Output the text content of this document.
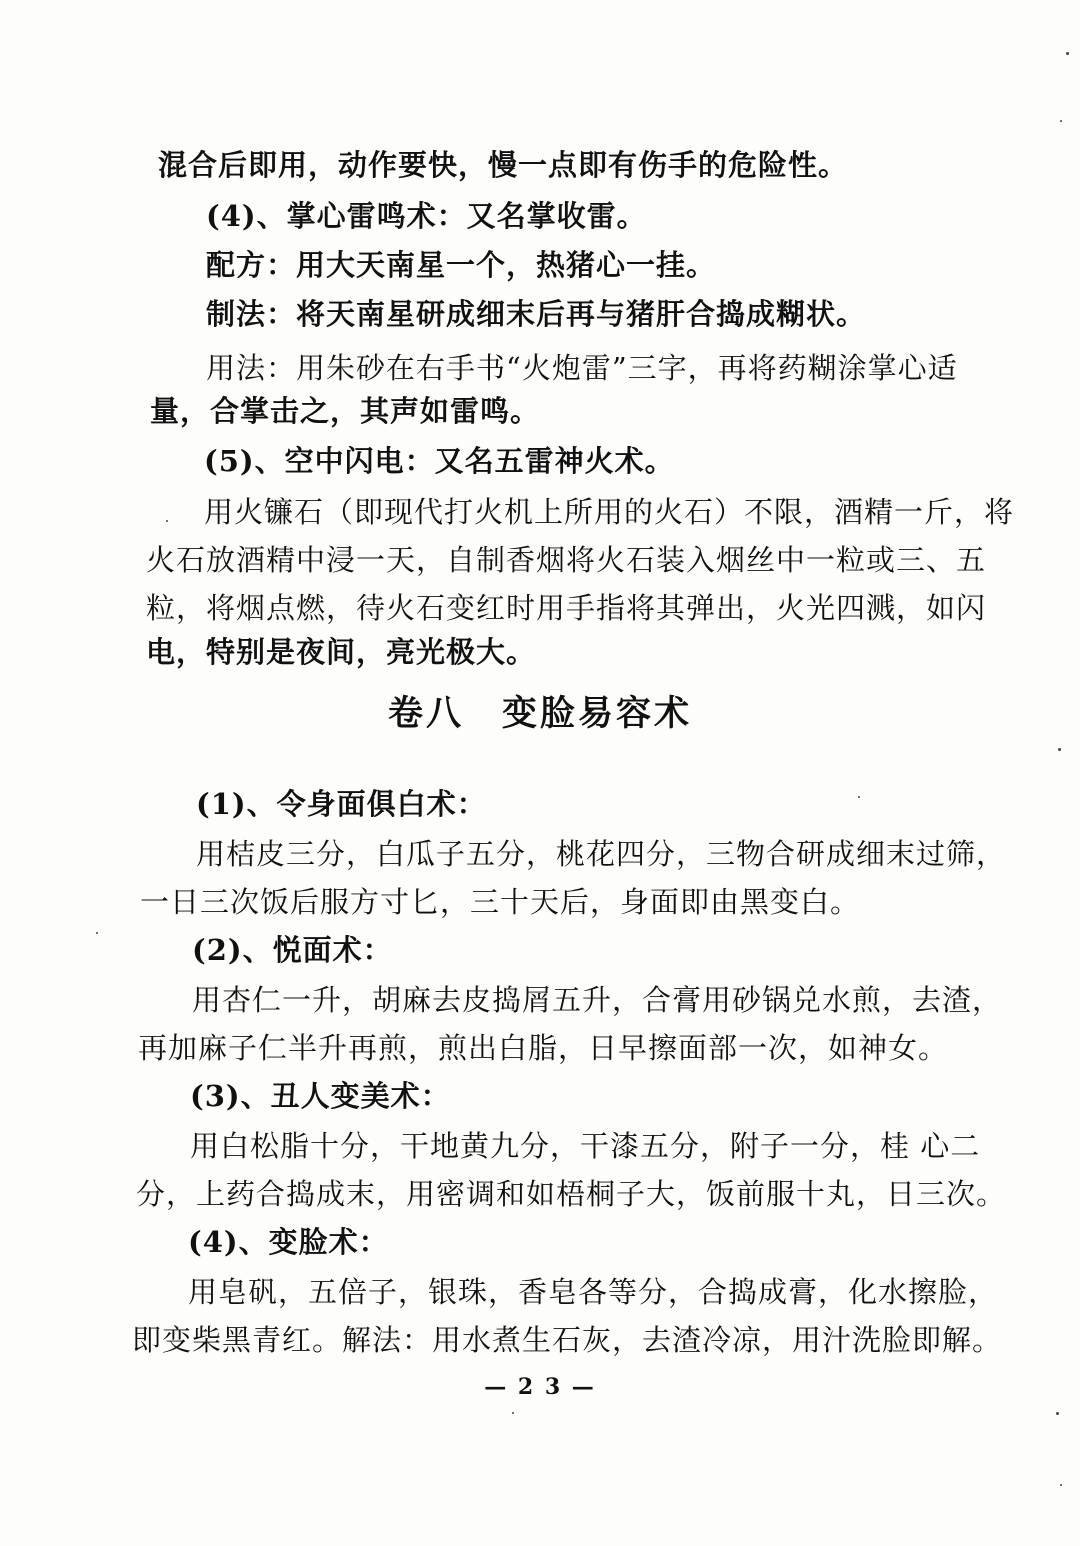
混合后即用，动作要快，慢一点即有伤手的危险性。
(4)、掌心雷鸣术：又名掌收雷。
配方：用大天南星一个，热猪心一挂。
制法：将天南星研成细末后再与猪肝合捣成糊状。
用法：用朱砂在右手书“火炮雷”三字，再将药糊涂掌心适
量，合掌击之，其声如雷鸣。
(5)、空中闪电：又名五雷神火术。
用火镰石（即现代打火机上所用的火石）不限，酒精一斤，将
火石放酒精中浸一天，自制香烟将火石装入烟丝中一粒或三、五
粒，将烟点燃，待火石变红时用手指将其弹出，火光四溅，如闪
电，特别是夜间，亮光极大。
卷八　变脸易容术
(1)、令身面俱白术：
用桔皮三分，白瓜子五分，桃花四分，三物合研成细末过筛，
一日三次饭后服方寸匕，三十天后，身面即由黑变白。
(2)、悦面术：
用杏仁一升，胡麻去皮捣屑五升，合膏用砂锅兑水煎，去渣，
再加麻子仁半升再煎，煎出白脂，日早擦面部一次，如神女。
(3)、丑人变美术：
用白松脂十分，干地黄九分，干漆五分，附子一分，桂 心二
分，上药合捣成末，用密调和如梧桐子大，饭前服十丸，日三次。
(4)、变脸术：
用皂矾，五倍子，银珠，香皂各等分，合捣成膏，化水擦脸，
即变柴黑青红。解法：用水煮生石灰，去渣冷凉，用汁洗脸即解。
— 2 3 —
